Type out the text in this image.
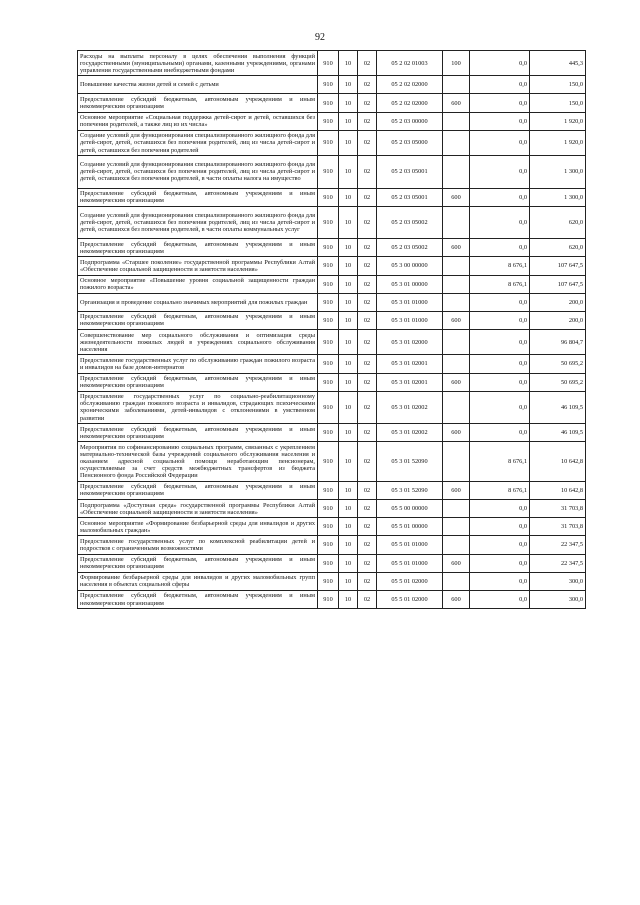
92
Расходы на выплаты персоналу в целях обеспечения выполнения функций государственными (муниципальными) органами, казенными учреждениями, органами управления государственными внебюджетными фондами	910	10	02	05 2 02 01003	100	0,0	445,3
Повышение качества жизни детей и семей с детьми	910	10	02	05 2 02 02000		0,0	150,0
Предоставление субсидий бюджетным, автономным учреждениям и иным некоммерческим организациям	910	10	02	05 2 02 02000	600	0,0	150,0
Основное мероприятие «Социальная поддержка детей-сирот и детей, оставшихся без попечения родителей, а также лиц из их числа»	910	10	02	05 2 03 00000		0,0	1 920,0
Создание условий для функционирования специализированного жилищного фонда для детей-сирот, детей, оставшихся без попечения родителей, лиц из числа детей-сирот и детей, оставшихся без попечения родителей	910	10	02	05 2 03 05000		0,0	1 920,0
Создание условий для функционирования специализированного жилищного фонда для детей-сирот, детей, оставшихся без попечения родителей, лиц из числа детей-сирот и детей, оставшихся без попечения родителей, в части оплаты налога на имущество	910	10	02	05 2 03 05001		0,0	1 300,0
Предоставление субсидий бюджетным, автономным учреждениям и иным некоммерческим организациям	910	10	02	05 2 03 05001	600	0,0	1 300,0
Создание условий для функционирования специализированного жилищного фонда для детей-сирот, детей, оставшихся без попечения родителей, лиц из числа детей-сирот и детей, оставшихся без попечения родителей, в части оплаты коммунальных услуг	910	10	02	05 2 03 05002		0,0	620,0
Предоставление субсидий бюджетным, автономным учреждениям и иным некоммерческим организациям	910	10	02	05 2 03 05002	600	0,0	620,0
Подпрограмма «Старшее поколение» государственной программы Республики Алтай «Обеспечение социальной защищенности и занятости населения»	910	10	02	05 3 00 00000		8 676,1	107 647,5
Основное мероприятие «Повышение уровня социальной защищенности граждан пожилого возраста»	910	10	02	05 3 01 00000		8 676,1	107 647,5
Организация и проведение социально значимых мероприятий для пожилых граждан	910	10	02	05 3 01 01000		0,0	200,0
Предоставление субсидий бюджетным, автономным учреждениям и иным некоммерческим организациям	910	10	02	05 3 01 01000	600	0,0	200,0
Совершенствование мер социального обслуживания и оптимизация среды жизнедеятельности пожилых людей в учреждениях социального обслуживания населения	910	10	02	05 3 01 02000		0,0	96 804,7
Предоставление государственных услуг по обслуживанию граждан пожилого возраста и инвалидов на базе домов-интернатов	910	10	02	05 3 01 02001		0,0	50 695,2
Предоставление субсидий бюджетным, автономным учреждениям и иным некоммерческим организациям	910	10	02	05 3 01 02001	600	0,0	50 695,2
Предоставление государственных услуг по социально-реабилитационному обслуживанию граждан пожилого возраста и инвалидов, страдающих психическими хроническими заболеваниями, детей-инвалидов с отклонениями в умственном развитии	910	10	02	05 3 01 02002		0,0	46 109,5
Предоставление субсидий бюджетным, автономным учреждениям и иным некоммерческим организациям	910	10	02	05 3 01 02002	600	0,0	46 109,5
Мероприятия по софинансированию социальных программ, связанных с укреплением материально-технической базы учреждений социального обслуживания населения и оказанием адресной социальной помощи неработающим пенсионерам, осуществляемые за счет средств межбюджетных трансфертов из бюджета Пенсионного фонда Российской Федерации	910	10	02	05 3 01 52090		8 676,1	10 642,8
Предоставление субсидий бюджетным, автономным учреждениям и иным некоммерческим организациям	910	10	02	05 3 01 52090	600	8 676,1	10 642,8
Подпрограмма «Доступная среда» государственной программы Республики Алтай «Обеспечение социальной защищенности и занятости населения»	910	10	02	05 5 00 00000		0,0	31 703,8
Основное мероприятие «Формирование безбарьерной среды для инвалидов и других маломобильных граждан»	910	10	02	05 5 01 00000		0,0	31 703,8
Предоставление государственных услуг по комплексной реабилитации детей и подростков с ограниченными возможностями	910	10	02	05 5 01 01000		0,0	22 347,5
Предоставление субсидий бюджетным, автономным учреждениям и иным некоммерческим организациям	910	10	02	05 5 01 01000	600	0,0	22 347,5
Формирование безбарьерной среды для инвалидов и других маломобильных групп населения в объектах социальной сферы	910	10	02	05 5 01 02000		0,0	300,0
Предоставление субсидий бюджетным, автономным учреждениям и иным некоммерческим организациям	910	10	02	05 5 01 02000	600	0,0	300,0
